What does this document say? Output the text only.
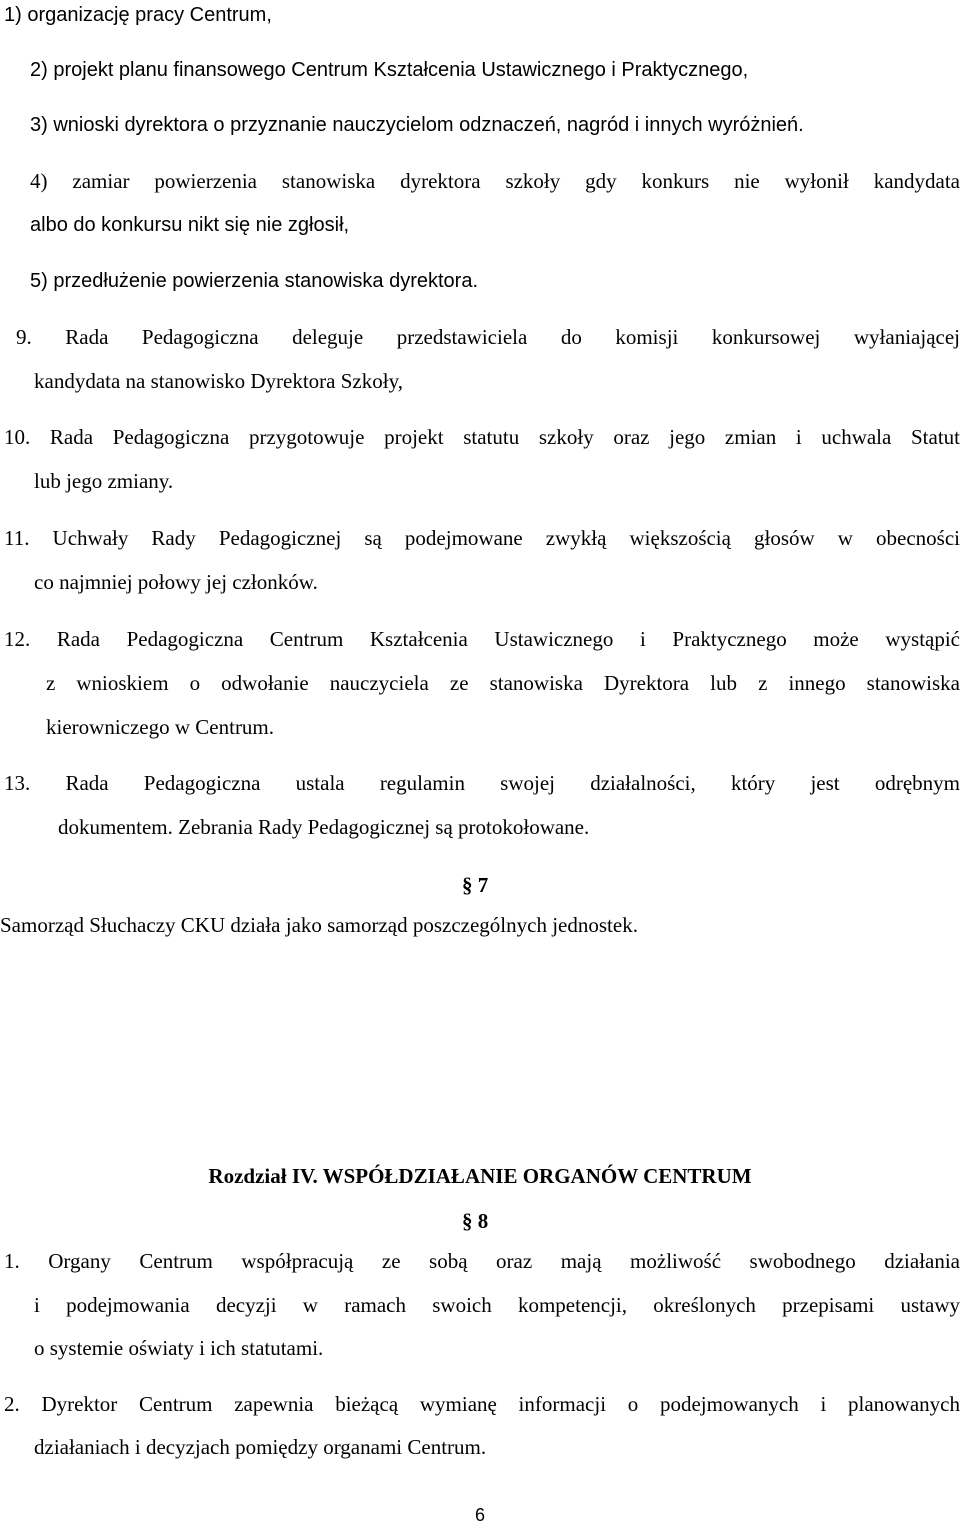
1) organizację pracy Centrum,
2) projekt planu finansowego Centrum Kształcenia Ustawicznego i Praktycznego,
3) wnioski dyrektora o przyznanie nauczycielom odznaczeń, nagród i innych wyróżnień.
4) zamiar powierzenia stanowiska dyrektora szkoły gdy konkurs nie wyłonił kandydata
albo do konkursu nikt się nie zgłosił,
5) przedłużenie powierzenia stanowiska dyrektora.
9. Rada Pedagogiczna deleguje przedstawiciela do komisji konkursowej wyłaniającej
kandydata na stanowisko Dyrektora Szkoły,
10. Rada Pedagogiczna przygotowuje projekt statutu szkoły oraz jego zmian i uchwala Statut
lub jego zmiany.
11. Uchwały Rady Pedagogicznej są podejmowane zwykłą większością głosów w obecności
co najmniej połowy jej członków.
12. Rada Pedagogiczna Centrum Kształcenia Ustawicznego i Praktycznego może wystąpić
z wnioskiem o odwołanie nauczyciela ze stanowiska Dyrektora lub z innego stanowiska
kierowniczego w Centrum.
13. Rada Pedagogiczna ustala regulamin swojej działalności, który jest odrębnym
dokumentem. Zebrania Rady Pedagogicznej są protokołowane.
§ 7
Samorząd Słuchaczy CKU działa jako samorząd poszczególnych jednostek.
Rozdział IV. WSPÓŁDZIAŁANIE ORGANÓW CENTRUM
§ 8
1. Organy Centrum współpracują ze sobą oraz mają możliwość swobodnego działania
i podejmowania decyzji w ramach swoich kompetencji, określonych przepisami ustawy
o systemie oświaty i ich statutami.
2. Dyrektor Centrum zapewnia bieżącą wymianę informacji o podejmowanych i planowanych
działaniach i decyzjach pomiędzy organami Centrum.
6
